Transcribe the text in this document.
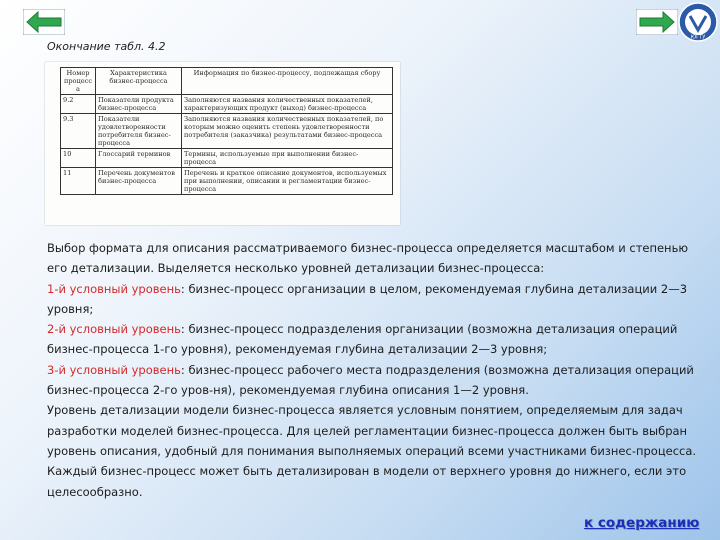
ЮГТУ
Окончание табл. 4.2
Номер процесса	Характеристика бизнес-процесса	Информация по бизнес-процессу, подлежащая сбору
9.2	Показатели продукта бизнес-процесса	Заполняются названия количественных показателей, характеризующих продукт (выход) бизнес-процесса
9.3	Показатели удовлетворенности потребителя бизнес-процесса	Заполняются названия количественных показателей, по которым можно оценить степень удовлетворенности потребителя (заказчика) результатами бизнес-процесса
10	Глоссарий терминов	Термины, используемые при выполнении бизнес-процесса
11	Перечень документов бизнес-процесса	Перечень и краткое описание документов, используемых при выполнении, описании и регламентации бизнес-процесса

Выбор формата для описания рассматриваемого бизнес-процесса определяется масштабом и степенью его детализации. Выделяется несколько уровней детализации бизнес-процесса:

1-й условный уровень: бизнес-процесс организации в целом, рекомендуемая глубина детализации 2—3 уровня;

2-й условный уровень: бизнес-процесс подразделения организации (возможна детализация операций бизнес-процесса 1-го уровня), рекомендуемая глубина детализации 2—3 уровня;

3-й условный уровень: бизнес-процесс рабочего места подразделения (возможна детализация операций бизнес-процесса 2-го уров-ня), рекомендуемая глубина описания 1—2 уровня.

Уровень детализации модели бизнес-процесса является условным понятием, определяемым для задач разработки моделей бизнес-процесса. Для целей регламентации бизнес-процесса должен быть выбран уровень описания, удобный для понимания выполняемых операций всеми участниками бизнес-процесса. Каждый бизнес-процесс может быть детализирован в модели от верхнего уровня до нижнего, если это целесообразно.

к содержанию
